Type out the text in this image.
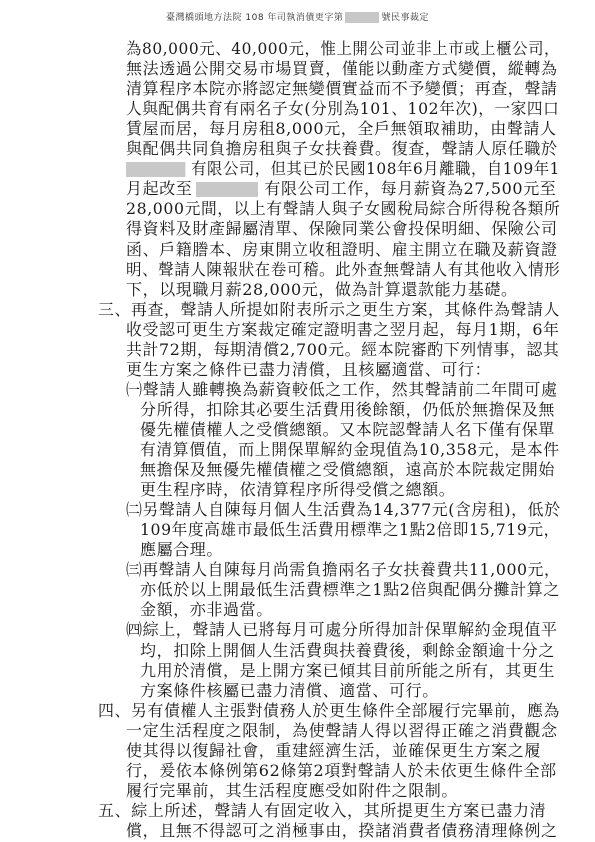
臺灣橋頭地方法院 108 年司執消債更字第	號民事裁定
五、綜上所述，聲請人有固定收入，其所提更生方案已盡力清
償，且無不得認可之消極事由，揆諸消費者債務清理條例之
為80,000元、40,000元，惟上開公司並非上市或上櫃公司，
無法透過公開交易市場買賣，僅能以動產方式變價，縱轉為
清算程序本院亦將認定無變價實益而不予變價；再查，聲請
人與配偶共育有兩名子女(分別為101、102年次)，一家四口
賃屋而居，每月房租8,000元，全戶無領取補助，由聲請人
與配偶共同負擔房租與子女扶養費。復查，聲請人原任職於
有限公司，但其已於民國108年6月離職，自109年1
月起改至	有限公司工作，每月薪資為27,500元至
28,000元間，以上有聲請人與子女國稅局綜合所得稅各類所
得資料及財產歸屬清單、保險同業公會投保明細、保險公司
函、戶籍謄本、房東開立收租證明、雇主開立在職及薪資證
明、聲請人陳報狀在卷可稽。此外查無聲請人有其他收入情形
下，以現職月薪28,000元，做為計算還款能力基礎。
三、再查，聲請人所提如附表所示之更生方案，其條件為聲請人
收受認可更生方案裁定確定證明書之翌月起，每月1期，6年
共計72期，每期清償2,700元。經本院審酌下列情事，認其
更生方案之條件已盡力清償，且核屬適當、可行：
㈠聲請人雖轉換為薪資較低之工作，然其聲請前二年間可處
分所得，扣除其必要生活費用後餘額，仍低於無擔保及無
優先權債權人之受償總額。又本院認聲請人名下僅有保單
有清算價值，而上開保單解約金現值為10,358元，是本件
無擔保及無優先權債權之受償總額，遠高於本院裁定開始
更生程序時，依清算程序所得受償之總額。
㈡另聲請人自陳每月個人生活費為14,377元(含房租)，低於
109年度高雄市最低生活費用標準之1點2倍即15,719元，
應屬合理。
㈢再聲請人自陳每月尚需負擔兩名子女扶養費共11,000元，
亦低於以上開最低生活費標準之1點2倍與配偶分攤計算之
金額，亦非過當。
㈣綜上，聲請人已將每月可處分所得加計保單解約金現值平
均，扣除上開個人生活費與扶養費後，剩餘金額逾十分之
九用於清償，是上開方案已傾其目前所能之所有，其更生
方案條件核屬已盡力清償、適當、可行。
四、另有債權人主張對債務人於更生條件全部履行完畢前，應為
一定生活程度之限制，為使聲請人得以習得正確之消費觀念
使其得以復歸社會，重建經濟生活，並確保更生方案之履
行，爰依本條例第62條第2項對聲請人於未依更生條件全部
履行完畢前，其生活程度應受如附件之限制。
